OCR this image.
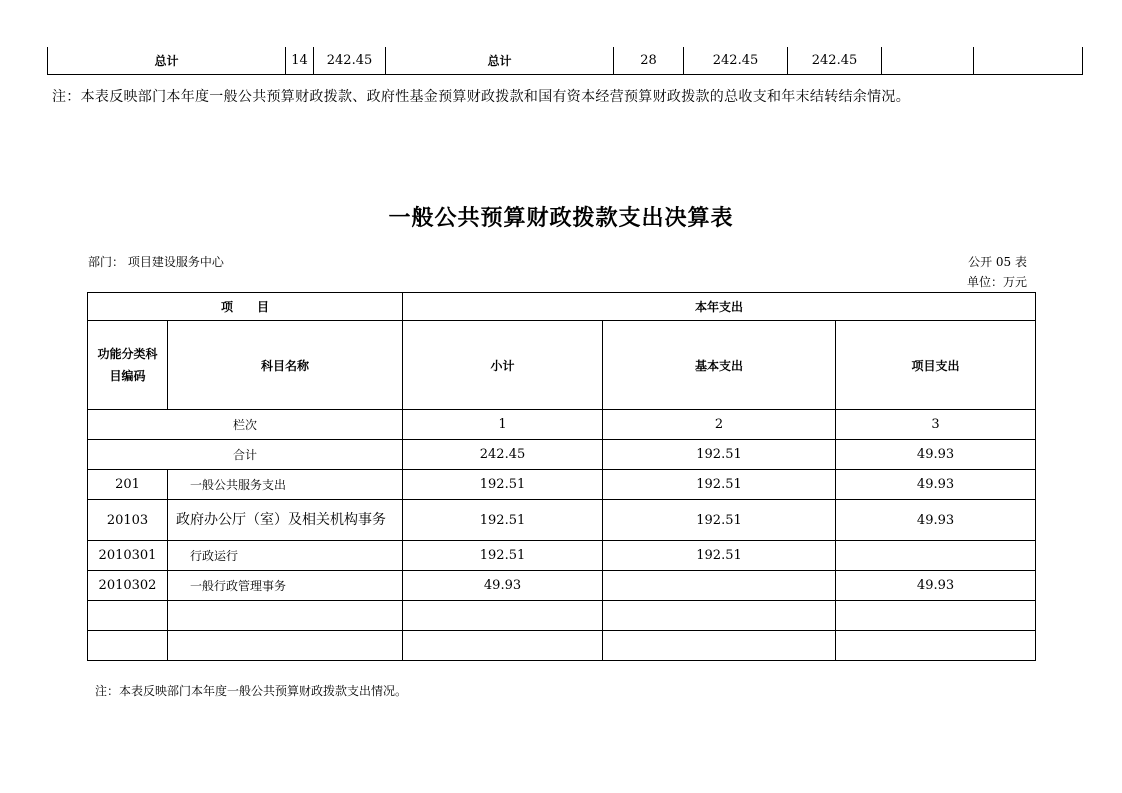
总计	14	242.45	总计	28	242.45	242.45		
注：本表反映部门本年度一般公共预算财政拨款、政府性基金预算财政拨款和国有资本经营预算财政拨款的总收支和年末结转结余情况。
一般公共预算财政拨款支出决算表
部门： 项目建设服务中心	公开 05 表
单位：万元
项　　目		本年支出		
功能分类科目编码	科目名称	小计	基本支出	项目支出
栏次		1	2	3
合计		242.45	192.51	49.93
201	一般公共服务支出	192.51	192.51	49.93
20103	政府办公厅（室）及相关机构事务	192.51	192.51	49.93
2010301	行政运行	192.51	192.51	
2010302	一般行政管理事务	49.93		49.93

注：本表反映部门本年度一般公共预算财政拨款支出情况。
